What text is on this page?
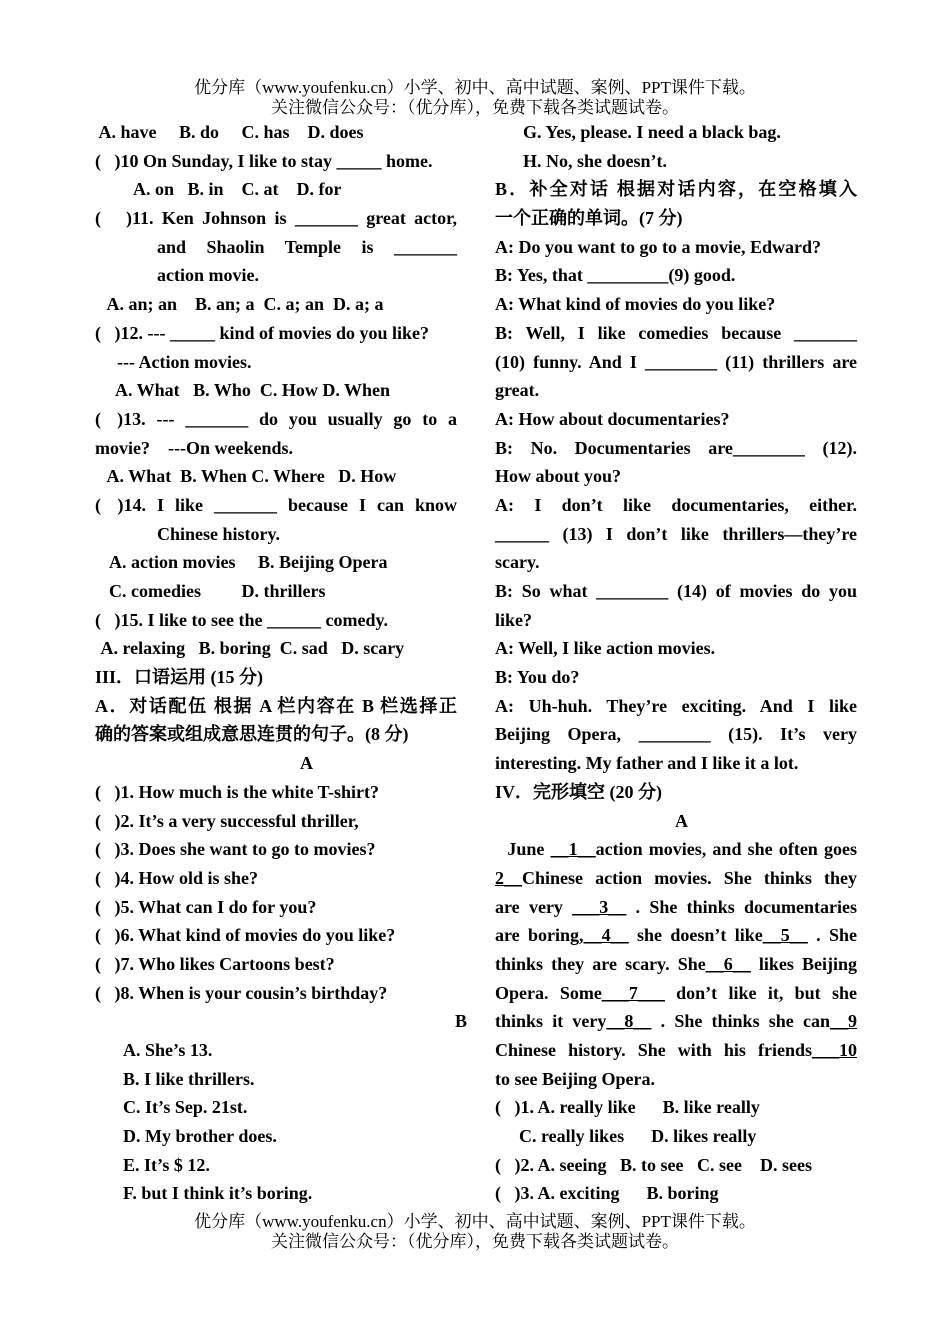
优分库（www.youfenku.cn）小学、初中、高中试题、案例、PPT课件下载。
关注微信公众号：（优分库），免费下载各类试题试卷。
A. have     B. do     C. has    D. does
(   )10 On Sunday, I like to stay _____ home.
A. on   B. in    C. at    D. for
(   )11. Ken Johnson is _______ great actor,
and  Shaolin  Temple  is  _______
action movie.
A. an; an    B. an; a  C. a; an  D. a; a
(   )12. --- _____ kind of movies do you like?
--- Action movies.
A. What   B. Who  C. How D. When
(   )13.  ---  _______  do  you  usually  go  to  a
movie?    ---On weekends.
A. What  B. When C. Where   D. How
(   )14.  I  like  _______  because  I  can  know
Chinese history.
A. action movies     B. Beijing Opera
C. comedies         D. thrillers
(   )15. I like to see the ______ comedy.
A. relaxing   B. boring  C. sad   D. scary
III．口语运用 (15 分)
A．对话配伍 根据 A 栏内容在 B 栏选择正
确的答案或组成意思连贯的句子。(8 分)
A
(   )1. How much is the white T-shirt?
(   )2. It’s a very successful thriller,
(   )3. Does she want to go to movies?
(   )4. How old is she?
(   )5. What can I do for you?
(   )6. What kind of movies do you like?
(   )7. Who likes Cartoons best?
(   )8. When is your cousin’s birthday?
B
A. She’s 13.
B. I like thrillers.
C. It’s Sep. 21st.
D. My brother does.
E. It’s $ 12.
F. but I think it’s boring.
G. Yes, please. I need a black bag.
H. No, she doesn’t.
B．补全对话 根据对话内容，在空格填入
一个正确的单词。(7 分)
A: Do you want to go to a movie, Edward?
B: Yes, that _________(9) good.
A: What kind of movies do you like?
B:  Well,  I  like  comedies  because  _______
(10) funny. And I ________ (11) thrillers are
great.
A: How about documentaries?
B:  No.  Documentaries  are________  (12).
How about you?
A:  I  don’t  like  documentaries,  either.
______  (13)  I  don’t  like  thrillers—they’re
scary.
B: So what ________ (14) of movies do you
like?
A: Well, I like action movies.
B: You do?
A:  Uh-huh.  They’re  exciting.  And  I  like
Beijing  Opera,  ________  (15).  It’s  very
interesting. My father and I like it a lot.
IV．完形填空 (20 分)
A
June __1__action movies, and she often goes
2__Chinese action movies. She thinks they
are very ___3__ . She thinks documentaries
are boring,__4__ she doesn’t like__5__ . She
thinks they are scary. She__6__ likes Beijing
Opera. Some___7___ don’t like it, but she
thinks it very__8__ . She thinks she can__9
Chinese history. She with his friends___10
to see Beijing Opera.
(   )1. A. really like      B. like really
C. really likes      D. likes really
(   )2. A. seeing   B. to see   C. see    D. sees
(   )3. A. exciting      B. boring
优分库（www.youfenku.cn）小学、初中、高中试题、案例、PPT课件下载。
关注微信公众号：（优分库），免费下载各类试题试卷。
